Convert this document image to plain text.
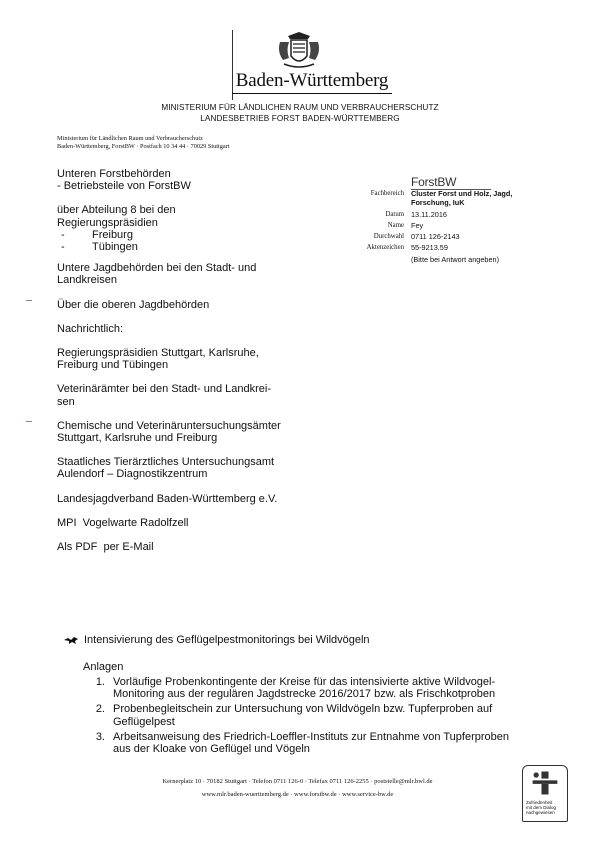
Baden-Württemberg
MINISTERIUM FÜR LÄNDLICHEN RAUM UND VERBRAUCHERSCHUTZ
LANDESBETRIEB FORST BADEN-WÜRTTEMBERG
Ministerium für Ländlichen Raum und Verbraucherschutz
Baden-Württemberg, ForstBW · Postfach 10 34 44 · 70029 Stuttgart
Unteren Forstbehörden
- Betriebsteile von ForstBW
über Abteilung 8 bei den
Regierungspräsidien
-	Freiburg
-	Tübingen
Untere Jagdbehörden bei den Stadt- und
Landkreisen
Über die oberen Jagdbehörden
Nachrichtlich:
Regierungspräsidien Stuttgart, Karlsruhe,
Freiburg und Tübingen
Veterinärämter bei den Stadt- und Landkrei-
sen
Chemische und Veterinäruntersuchungsämter
Stuttgart, Karlsruhe und Freiburg
Staatliches Tierärztliches Untersuchungsamt
Aulendorf – Diagnostikzentrum
Landesjagdverband Baden-Württemberg e.V.
MPI  Vogelwarte Radolfzell
Als PDF  per E-Mail
ForstBW
Fachbereich Cluster Forst und Holz, Jagd,
Forschung, IuK
Datum 13.11.2016
Name Fey
Durchwahl 0711 126-2143
Aktenzeichen 55-9213.59
(Bitte bei Antwort angeben)
Intensivierung des Geflügelpestmonitorings bei Wildvögeln
Anlagen
1. Vorläufige Probenkontingente der Kreise für das intensivierte aktive Wildvogel-
Monitoring aus der regulären Jagdstrecke 2016/2017 bzw. als Frischkotproben
2. Probenbegleitschein zur Untersuchung von Wildvögeln bzw. Tupferproben auf
Geflügelpest
3. Arbeitsanweisung des Friedrich-Loeffler-Instituts zur Entnahme von Tupferproben
aus der Kloake von Geflügel und Vögeln
Kernerplatz 10 · 70182 Stuttgart · Telefon 0711 126-0 · Telefax 0711 126-2255 · poststelle@mlr.bwl.de
www.mlr.baden-wuerttemberg.de · www.forstbw.de · www.service-bw.de
Zufriedenheit
mit dem Dialog nachgewiesen
